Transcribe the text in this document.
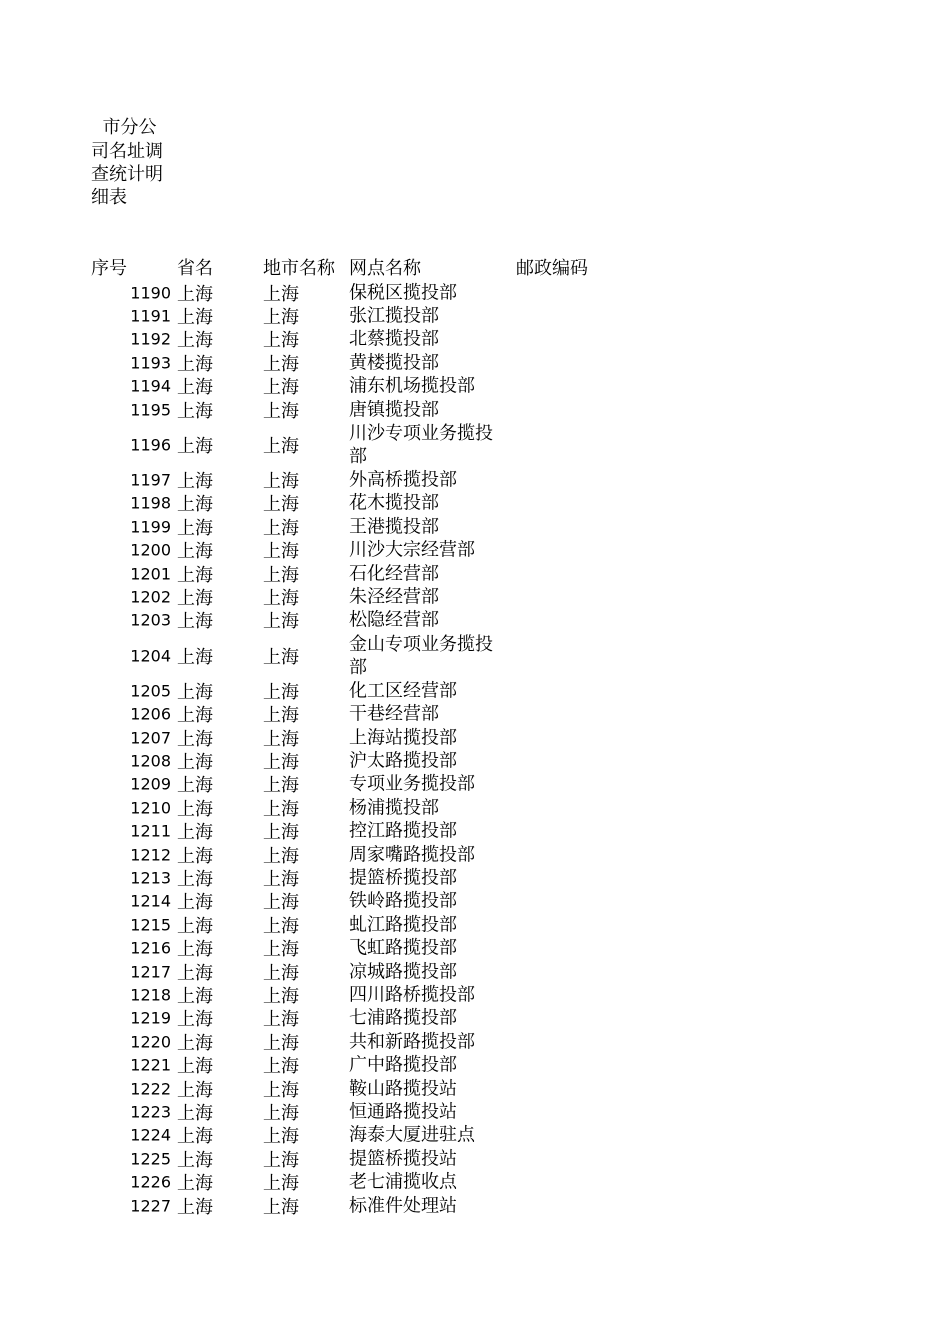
市分公
司名址调
查统计明
细表
序号	省名	地市名称 网点名称	邮政编码
1190 上海	上海	保税区揽投部
1191 上海	上海	张江揽投部
1192 上海	上海	北蔡揽投部
1193 上海	上海	黄楼揽投部
1194 上海	上海	浦东机场揽投部
1195 上海	上海	唐镇揽投部
1196 上海	上海
川沙专项业务揽投部
1197 上海	上海	外高桥揽投部
1198 上海	上海	花木揽投部
1199 上海	上海	王港揽投部
1200 上海	上海	川沙大宗经营部
1201 上海	上海	石化经营部
1202 上海	上海	朱泾经营部
1203 上海	上海	松隐经营部
1204 上海	上海
金山专项业务揽投部
1205 上海	上海	化工区经营部
1206 上海	上海	干巷经营部
1207 上海	上海	上海站揽投部
1208 上海	上海	沪太路揽投部
1209 上海	上海	专项业务揽投部
1210 上海	上海	杨浦揽投部
1211 上海	上海	控江路揽投部
1212 上海	上海	周家嘴路揽投部
1213 上海	上海	提篮桥揽投部
1214 上海	上海	铁岭路揽投部
1215 上海	上海	虬江路揽投部
1216 上海	上海	飞虹路揽投部
1217 上海	上海	凉城路揽投部
1218 上海	上海	四川路桥揽投部
1219 上海	上海	七浦路揽投部
1220 上海	上海	共和新路揽投部
1221 上海	上海	广中路揽投部
1222 上海	上海	鞍山路揽投站
1223 上海	上海	恒通路揽投站
1224 上海	上海	海泰大厦进驻点
1225 上海	上海	提篮桥揽投站
1226 上海	上海	老七浦揽收点
1227 上海	上海	标准件处理站
